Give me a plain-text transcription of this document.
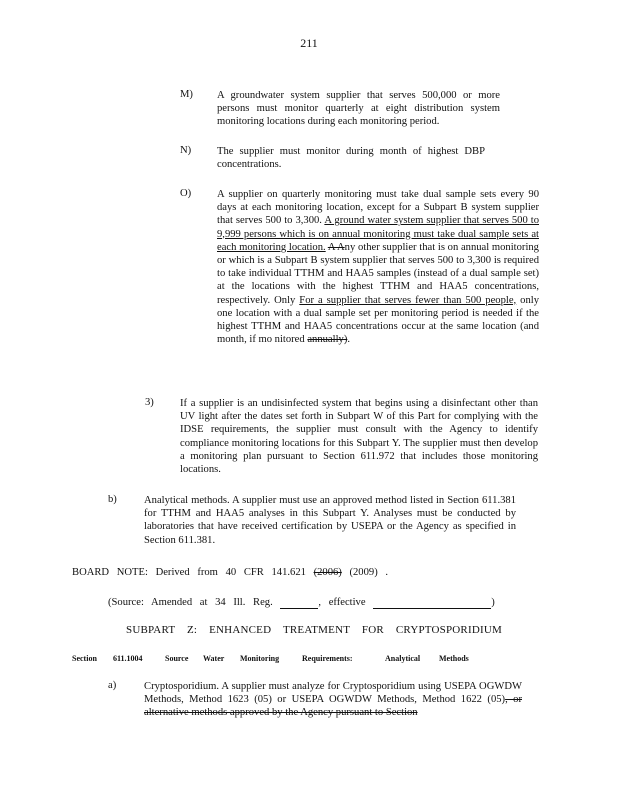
211
M) A groundwater system supplier that serves 500,000 or more persons must monitor quarterly at eight distribution system monitoring locations during each monitoring period.
N) The supplier must monitor during month of highest DBP concentrations.
O) A supplier on quarterly monitoring must take dual sample sets every 90 days at each monitoring location, except for a Subpart B system supplier that serves 500 to 3,300. A ground water system supplier that serves 500 to 9,999 persons which is on annual monitoring must take dual sample sets at each monitoring location. A Any other supplier that is on annual monitoring or which is a Subpart B system supplier that serves 500 to 3,300 is required to take individual TTHM and HAA5 samples (instead of a dual sample set) at the locations with the highest TTHM and HAA5 concentrations, respectively. Only For a supplier that serves fewer than 500 people, only one location with a dual sample set per monitoring period is needed if the highest TTHM and HAA5 concentrations occur at the same location (and month, if mo nitored annually).
3) If a supplier is an undisinfected system that begins using a disinfectant other than UV light after the dates set forth in Subpart W of this Part for complying with the IDSE requirements, the supplier must consult with the Agency to identify compliance monitoring locations for this Subpart Y. The supplier must then develop a monitoring plan pursuant to Section 611.972 that includes those monitoring locations.
b)	Analytical methods. A supplier must use an approved method listed in Section 611.381 for TTHM and HAA5 analyses in this Subpart Y. Analyses must be conducted by laboratories that have received certification by USEPA or the Agency as specified in Section 611.381.
BOARD NOTE: Derived from 40 CFR 141.621 (2006) (2009) .
(Source: Amended at 34 Ill. Reg.	, effective	)
SUBPART Z: ENHANCED TREATMENT FOR CRYPTOSPORIDIUM
Section 611.1004	Source Water Monitoring	Requirements:	Analytical Methods
a)	Cryptosporidium. A supplier must analyze for Cryptosporidium using USEPA OGWDW Methods, Method 1623 (05) or USEPA OGWDW Methods, Method 1622 (05), or alternative methods approved by the Agency pursuant to Section
